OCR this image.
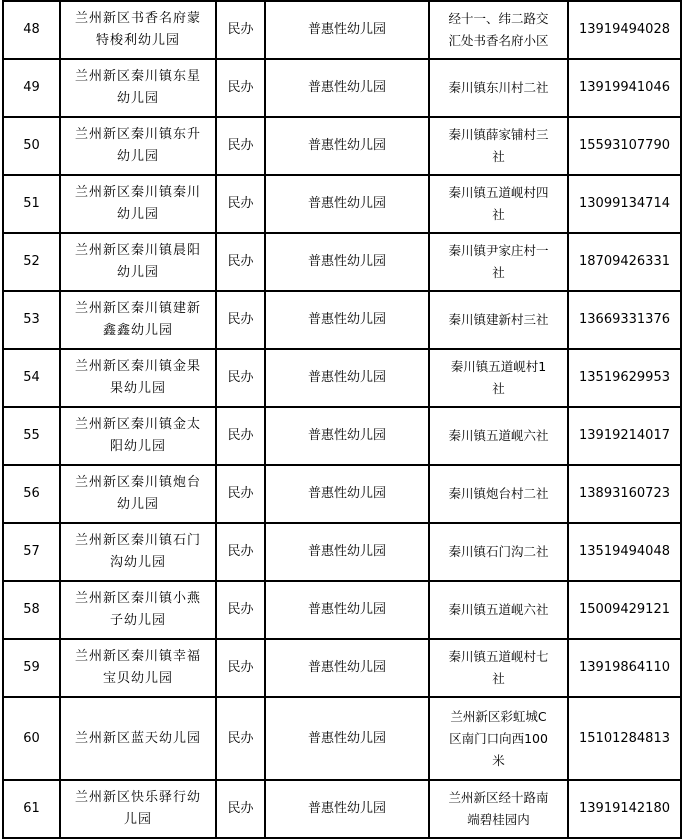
48	兰州新区书香名府蒙
特梭利幼儿园	民办	普惠性幼儿园	经十一、纬二路交
汇处书香名府小区	13919494028
49	兰州新区秦川镇东星
幼儿园	民办	普惠性幼儿园	秦川镇东川村二社	13919941046
50	兰州新区秦川镇东升
幼儿园	民办	普惠性幼儿园	秦川镇薛家铺村三
社	15593107790
51	兰州新区秦川镇秦川
幼儿园	民办	普惠性幼儿园	秦川镇五道岘村四
社	13099134714
52	兰州新区秦川镇晨阳
幼儿园	民办	普惠性幼儿园	秦川镇尹家庄村一
社	18709426331
53	兰州新区秦川镇建新
鑫鑫幼儿园	民办	普惠性幼儿园	秦川镇建新村三社	13669331376
54	兰州新区秦川镇金果
果幼儿园	民办	普惠性幼儿园	秦川镇五道岘村1
社	13519629953
55	兰州新区秦川镇金太
阳幼儿园	民办	普惠性幼儿园	秦川镇五道岘六社	13919214017
56	兰州新区秦川镇炮台
幼儿园	民办	普惠性幼儿园	秦川镇炮台村二社	13893160723
57	兰州新区秦川镇石门
沟幼儿园	民办	普惠性幼儿园	秦川镇石门沟二社	13519494048
58	兰州新区秦川镇小燕
子幼儿园	民办	普惠性幼儿园	秦川镇五道岘六社	15009429121
59	兰州新区秦川镇幸福
宝贝幼儿园	民办	普惠性幼儿园	秦川镇五道岘村七
社	13919864110
60	兰州新区蓝天幼儿园	民办	普惠性幼儿园	兰州新区彩虹城C
区南门口向西100
米	15101284813
61	兰州新区快乐驿行幼
儿园	民办	普惠性幼儿园	兰州新区经十路南
端碧桂园内	13919142180
